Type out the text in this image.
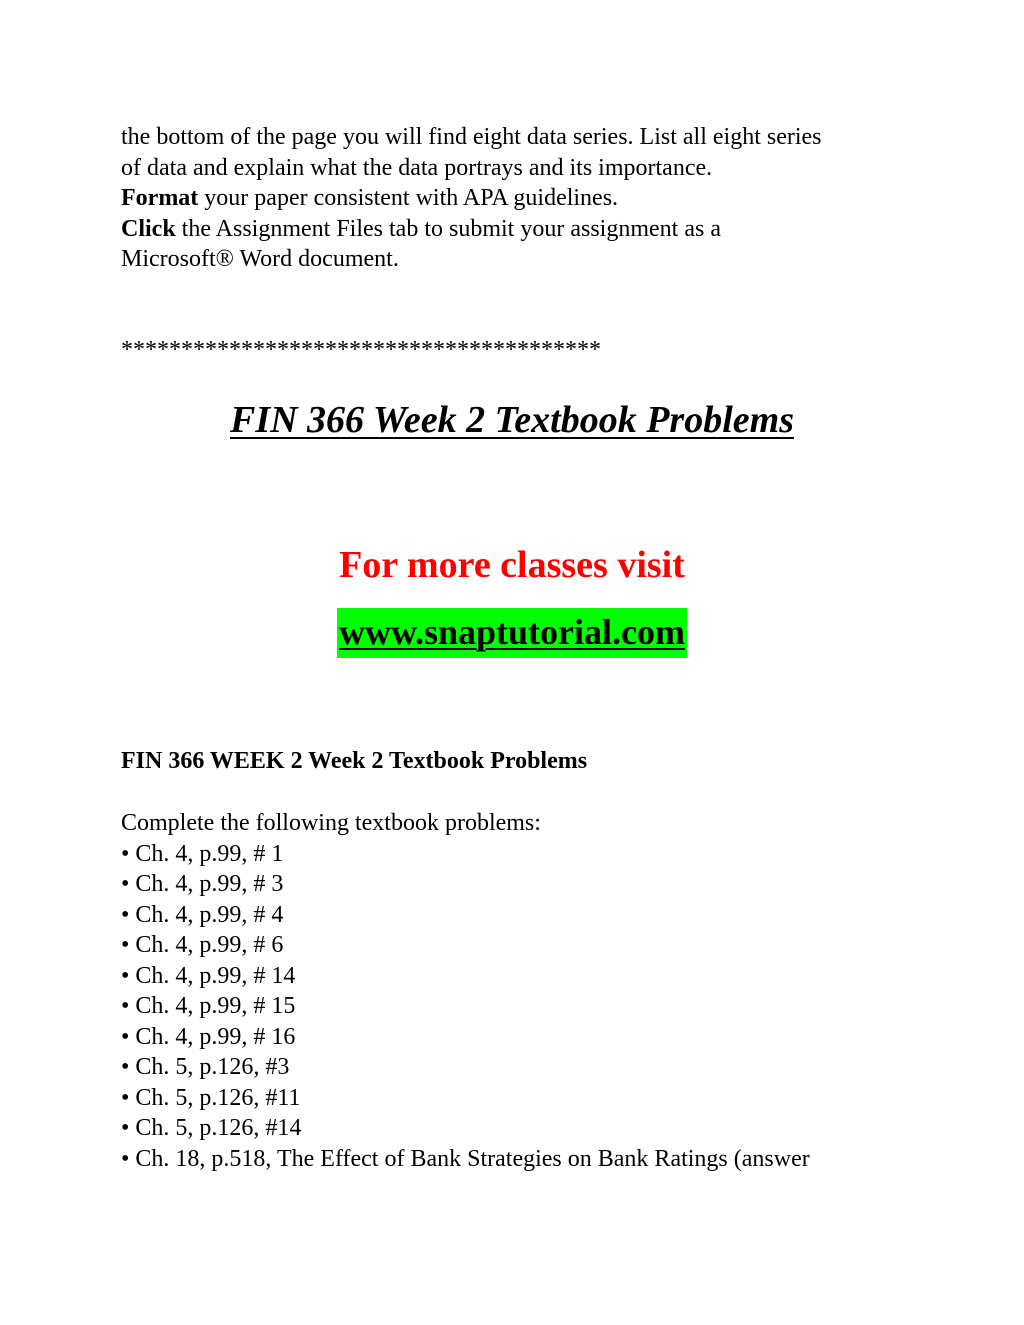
the bottom of the page you will find eight data series. List all eight series

of data and explain what the data portrays and its importance.

Format your paper consistent with APA guidelines.

Click the Assignment Files tab to submit your assignment as a

Microsoft® Word document.

****************************************
FIN 366 Week 2 Textbook Problems
For more classes visit
www.snaptutorial.com
FIN 366 WEEK 2 Week 2 Textbook Problems
Complete the following textbook problems:
• Ch. 4, p.99, # 1
• Ch. 4, p.99, # 3
• Ch. 4, p.99, # 4
• Ch. 4, p.99, # 6
• Ch. 4, p.99, # 14
• Ch. 4, p.99, # 15
• Ch. 4, p.99, # 16
• Ch. 5, p.126, #3
• Ch. 5, p.126, #11
• Ch. 5, p.126, #14
• Ch. 18, p.518, The Effect of Bank Strategies on Bank Ratings (answer
